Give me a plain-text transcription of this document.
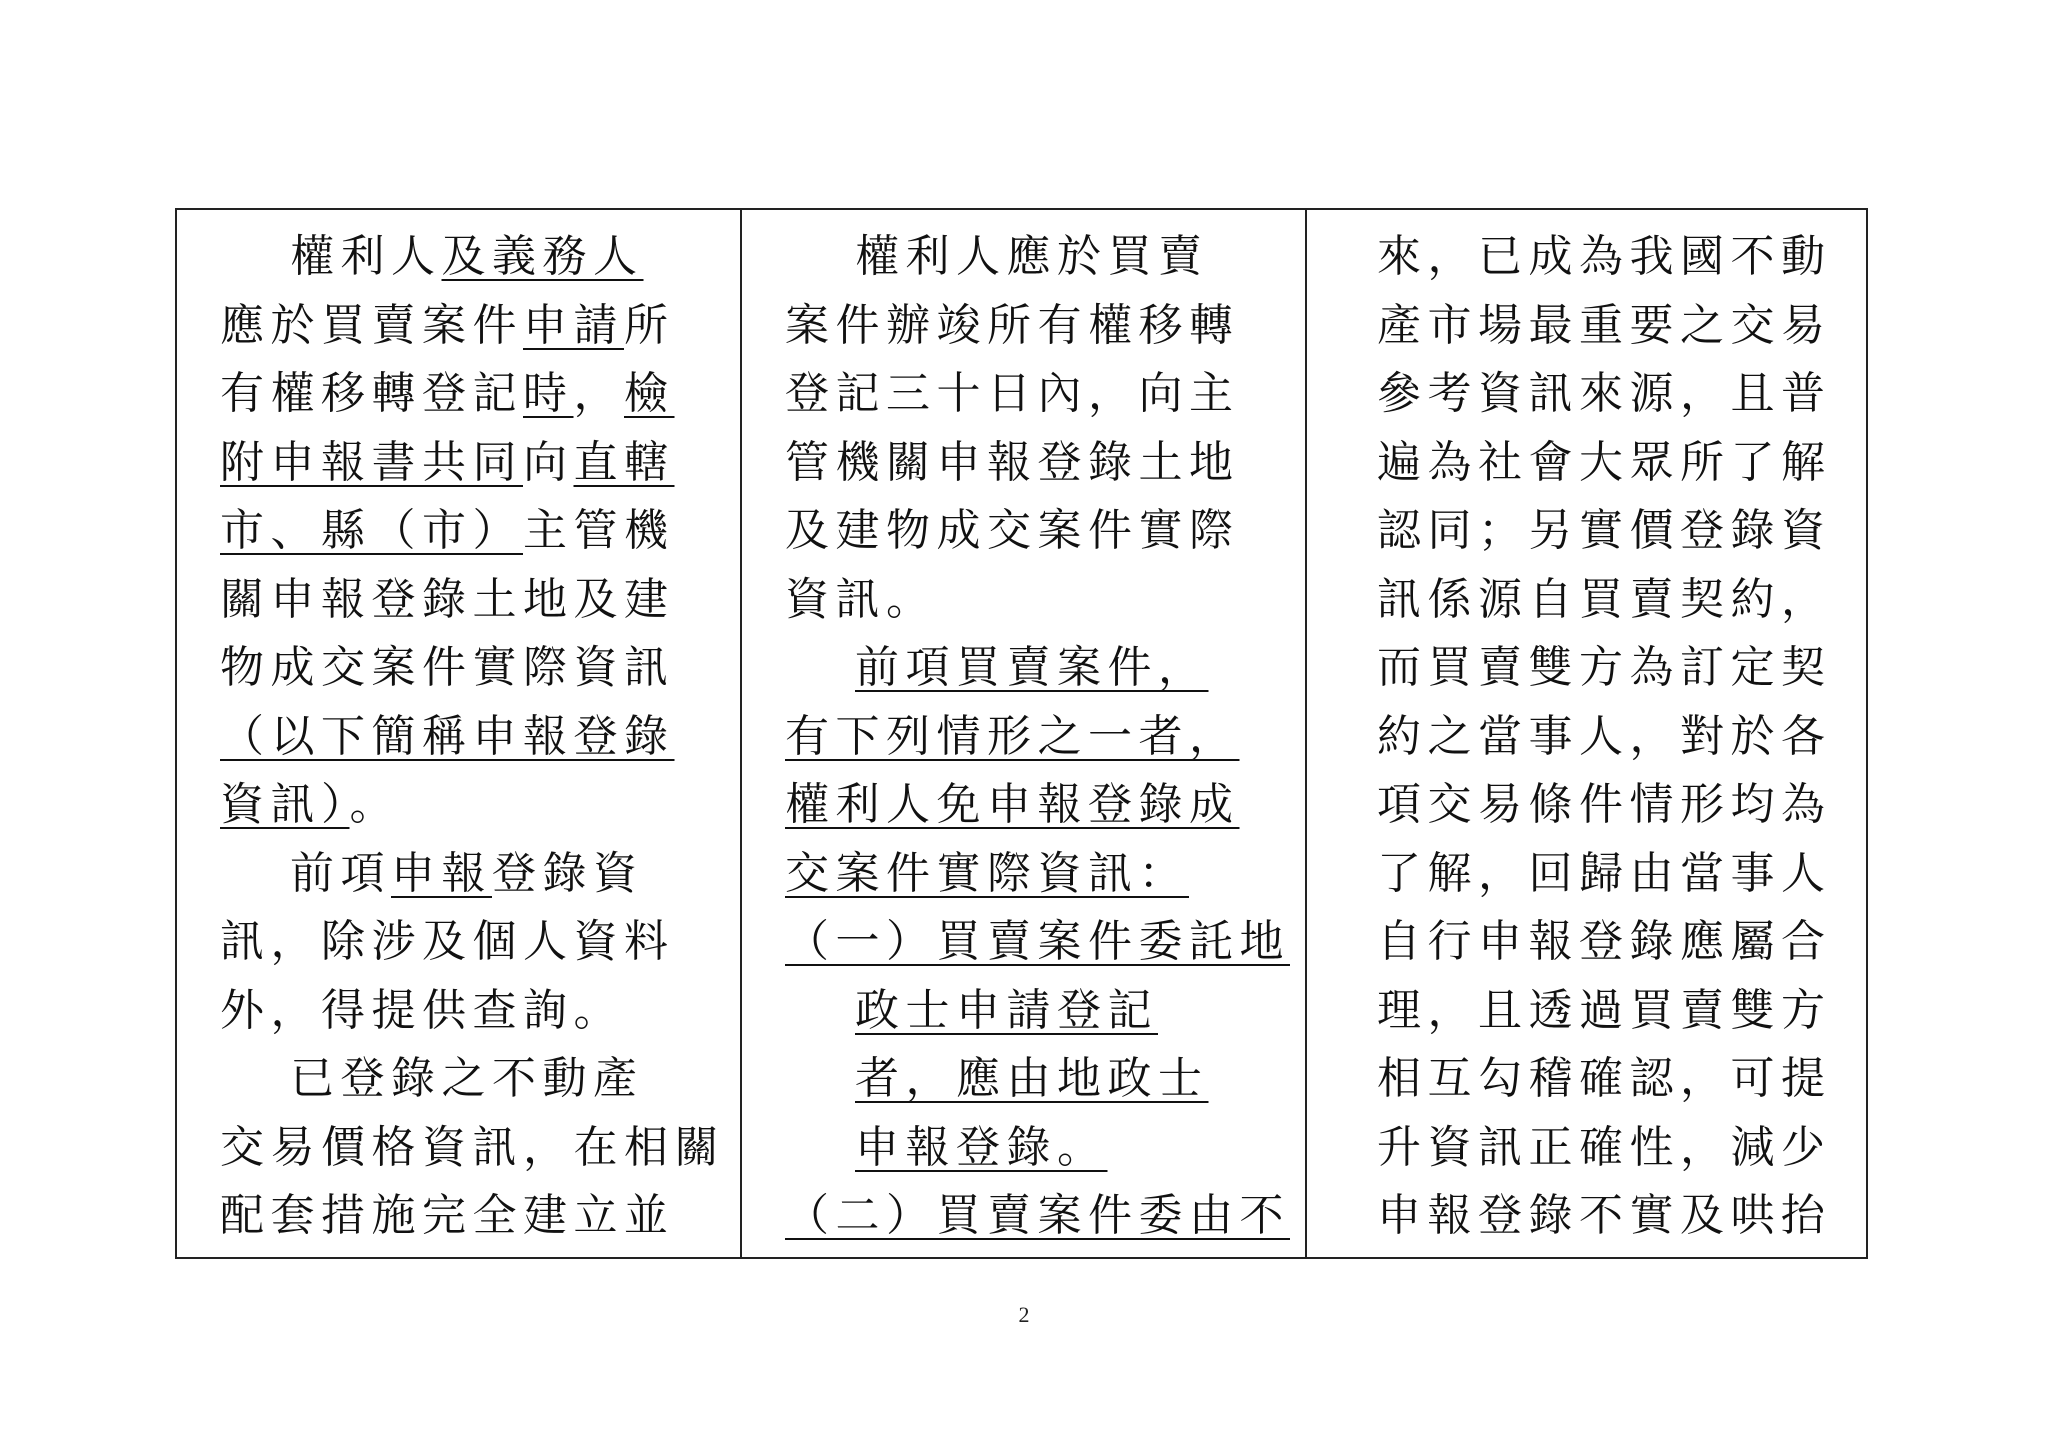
權利人及義務人
應於買賣案件申請所
有權移轉登記時，檢
附申報書共同向直轄
市、縣（市）主管機
關申報登錄土地及建
物成交案件實際資訊
（以下簡稱申報登錄
資訊）。
前項申報登錄資
訊，除涉及個人資料
外，得提供查詢。
已登錄之不動產
交易價格資訊，在相關
配套措施完全建立並
權利人應於買賣
案件辦竣所有權移轉
登記三十日內，向主
管機關申報登錄土地
及建物成交案件實際
資訊。
前項買賣案件，
有下列情形之一者，
權利人免申報登錄成
交案件實際資訊：
（一）買賣案件委託地
政士申請登記
者，應由地政士
申報登錄。
（二）買賣案件委由不
來，已成為我國不動
產市場最重要之交易
參考資訊來源，且普
遍為社會大眾所了解
認同；另實價登錄資
訊係源自買賣契約，
而買賣雙方為訂定契
約之當事人，對於各
項交易條件情形均為
了解，回歸由當事人
自行申報登錄應屬合
理，且透過買賣雙方
相互勾稽確認，可提
升資訊正確性，減少
申報登錄不實及哄抬
2
